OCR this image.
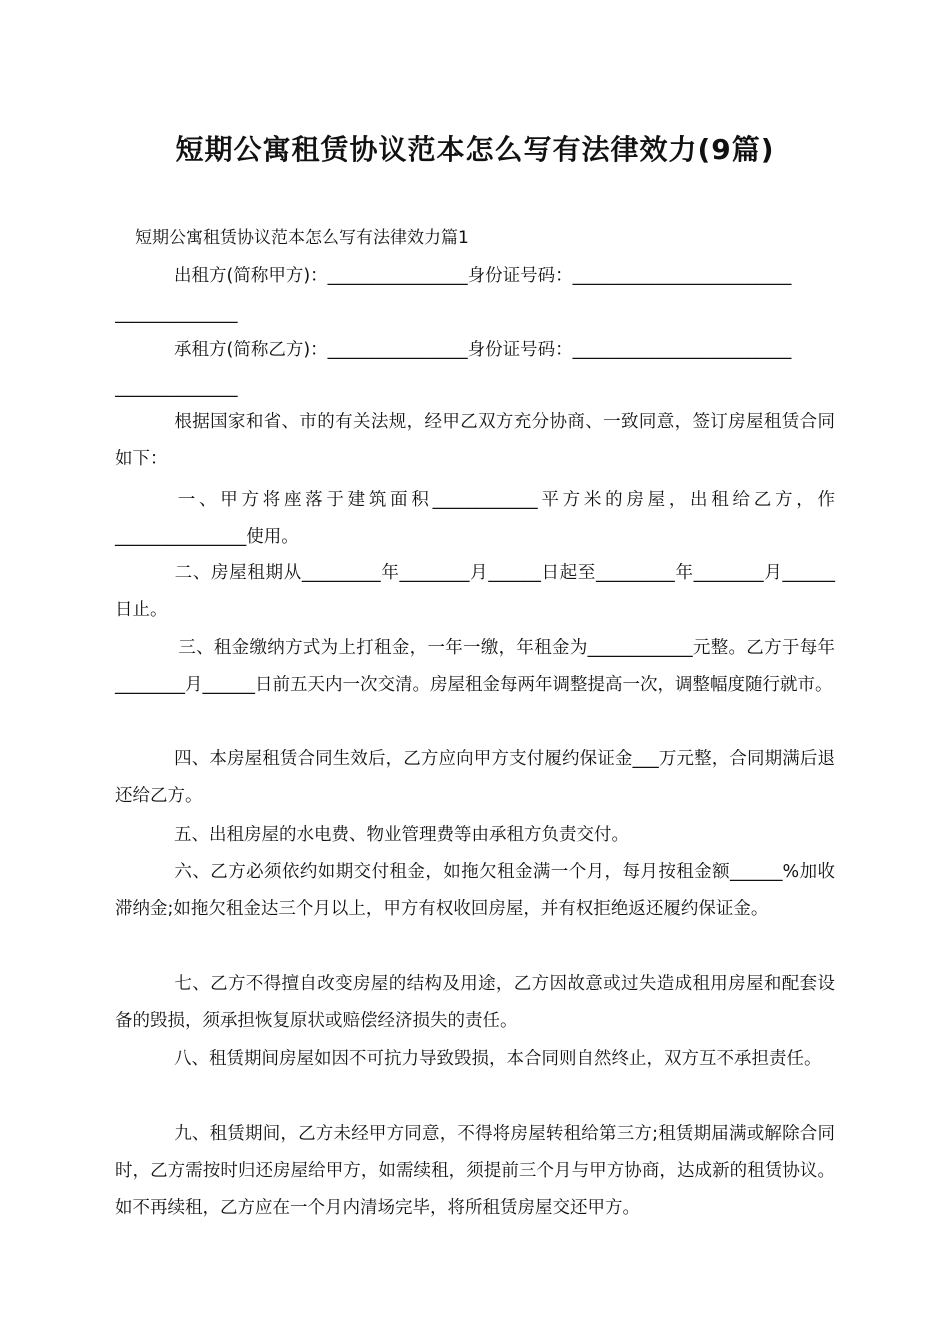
短期公寓租赁协议范本怎么写有法律效力(9篇)
短期公寓租赁协议范本怎么写有法律效力篇1
出租方(简称甲方)：________________身份证号码：_________________________
______________
承租方(简称乙方)：________________身份证号码：_________________________
______________
根据国家和省、市的有关法规，经甲乙双方充分协商、一致同意，签订房屋租赁合同如下：
一、甲方将座落于建筑面积____________平方米的房屋，出租给乙方，作_______________使用。
二、房屋租期从_________年________月______日起至_________年________月______日止。
三、租金缴纳方式为上打租金，一年一缴，年租金为____________元整。乙方于每年________月______日前五天内一次交清。房屋租金每两年调整提高一次，调整幅度随行就市。
四、本房屋租赁合同生效后，乙方应向甲方支付履约保证金___万元整，合同期满后退还给乙方。
五、出租房屋的水电费、物业管理费等由承租方负责交付。
六、乙方必须依约如期交付租金，如拖欠租金满一个月，每月按租金额______%加收滞纳金;如拖欠租金达三个月以上，甲方有权收回房屋，并有权拒绝返还履约保证金。
七、乙方不得擅自改变房屋的结构及用途，乙方因故意或过失造成租用房屋和配套设备的毁损，须承担恢复原状或赔偿经济损失的责任。
八、租赁期间房屋如因不可抗力导致毁损，本合同则自然终止，双方互不承担责任。
九、租赁期间，乙方未经甲方同意，不得将房屋转租给第三方;租赁期届满或解除合同时，乙方需按时归还房屋给甲方，如需续租，须提前三个月与甲方协商，达成新的租赁协议。如不再续租，乙方应在一个月内清场完毕，将所租赁房屋交还甲方。
